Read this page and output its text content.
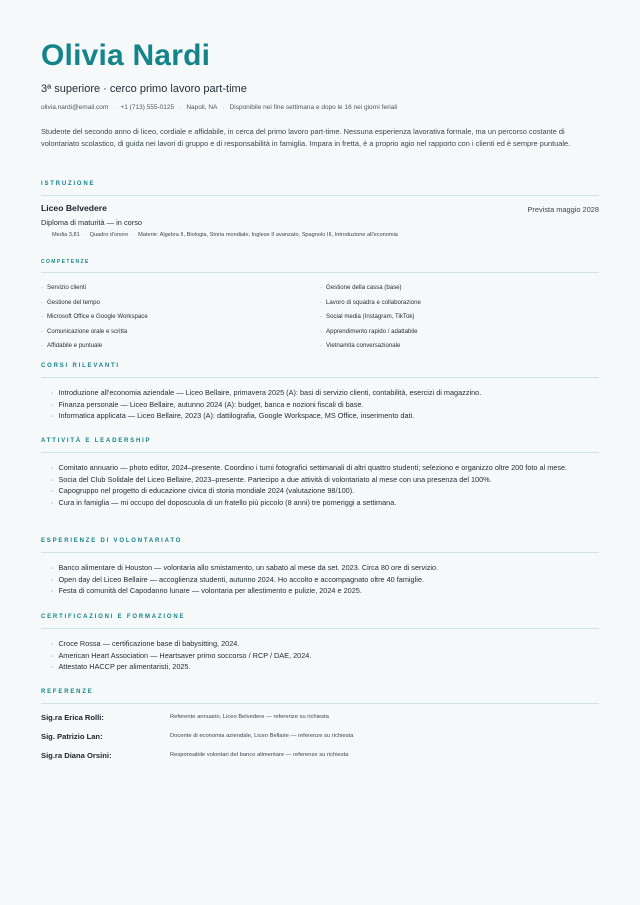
Olivia Nardi
3ª superiore · cerco primo lavoro part-time
olivia.nardi@email.com · +1 (713) 555-0125 · Napoli, NA · Disponibile nei fine settimana e dopo le 16 nei giorni feriali

Studente del secondo anno di liceo, cordiale e affidabile, in cerca del primo lavoro part-time. Nessuna esperienza lavorativa formale, ma un percorso costante di volontariato scolastico, di guida nei lavori di gruppo e di responsabilità in famiglia. Impara in fretta, è a proprio agio nel rapporto con i clienti ed è sempre puntuale.

ISTRUZIONE
Liceo Belvedere	Prevista maggio 2028
Diploma di maturità — in corso
Media 3,81 · Quadro d'onore · Materie: Algebra II, Biologia, Storia mondiale, Inglese II avanzato, Spagnolo III, Introduzione all'economia
COMPETENZE
· Servizio clienti	· Gestione della cassa (base)
· Gestione del tempo	· Lavoro di squadra e collaborazione
· Microsoft Office e Google Workspace	· Social media (Instagram, TikTok)
· Comunicazione orale e scritta	· Apprendimento rapido / adattabile
· Affidabile e puntuale	· Vietnamita conversazionale
CORSI RILEVANTI
· Introduzione all'economia aziendale — Liceo Bellaire, primavera 2025 (A): basi di servizio clienti, contabilità, esercizi di magazzino.
· Finanza personale — Liceo Bellaire, autunno 2024 (A): budget, banca e nozioni fiscali di base.
· Informatica applicata — Liceo Bellaire, 2023 (A): dattilografia, Google Workspace, MS Office, inserimento dati.
ATTIVITÀ E LEADERSHIP
· Comitato annuario — photo editor, 2024–presente. Coordino i turni fotografici settimanali di altri quattro studenti; seleziono e organizzo oltre 200 foto al mese.
· Socia del Club Solidale del Liceo Bellaire, 2023–presente. Partecipo a due attività di volontariato al mese con una presenza del 100%.
· Capogruppo nel progetto di educazione civica di storia mondiale 2024 (valutazione 98/100).
· Cura in famiglia — mi occupo del doposcuola di un fratello più piccolo (8 anni) tre pomeriggi a settimana.
ESPERIENZE DI VOLONTARIATO
· Banco alimentare di Houston — volontaria allo smistamento, un sabato al mese da set. 2023. Circa 80 ore di servizio.
· Open day del Liceo Bellaire — accoglienza studenti, autunno 2024. Ho accolto e accompagnato oltre 40 famiglie.
· Festa di comunità del Capodanno lunare — volontaria per allestimento e pulizie, 2024 e 2025.
CERTIFICAZIONI E FORMAZIONE
· Croce Rossa — certificazione base di babysitting, 2024.
· American Heart Association — Heartsaver primo soccorso / RCP / DAE, 2024.
· Attestato HACCP per alimentaristi, 2025.
REFERENZE
Sig.ra Erica Rolli:	Referente annuario, Liceo Belvedere — referenze su richiesta
Sig. Patrizio Lan:	Docente di economia aziendale, Liceo Bellaire — referenze su richiesta
Sig.ra Diana Orsini:	Responsabile volontari del banco alimentare — referenze su richiesta
